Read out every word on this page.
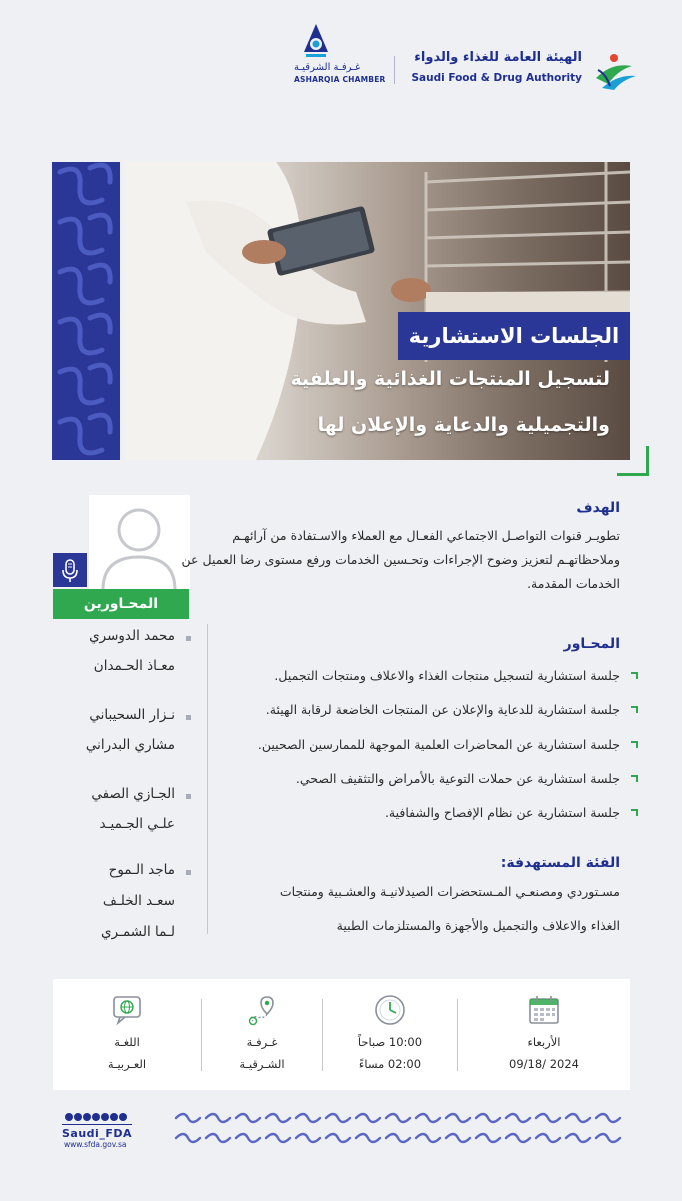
غـرفـة الشرقيـة
ASHARQIA CHAMBER
الهيئة العامة للغذاء والدواء
Saudi Food & Drug Authority
الجلسات الاستشارية
لتسجيل المنتجات الغذائية والعلفية
والتجميلية والدعاية والإعلان لها
المحـاورين
محمد الدوسري
معـاذ الحـمدان
نـزار السحيباني
مشاري البدراني
الجـازي الصفي
علـي الجـميـد
ماجد الـموح
سعـد الخلـف
لـما الشمـري
الهدف
تطويـر قنوات التواصـل الاجتماعي الفعـال مع العملاء والاسـتفادة من آرائهـم وملاحظاتهـم لتعزيز وضوح الإجراءات وتحـسين الخدمات ورفع مستوى رضا العميل عن الخدمات المقدمة.
المحـاور
جلسة استشارية لتسجيل منتجات الغذاء والاعلاف ومنتجات التجميل.
جلسة استشارية للدعاية والإعلان عن المنتجات الخاضعة لرقابة الهيئة.
جلسة استشارية عن المحاضرات العلمية الموجهة للممارسين الصحيين.
جلسة استشارية عن حملات التوعية بالأمراض والتثقيف الصحي.
جلسة استشارية عن نظام الإفصاح والشفافية.
الفئة المستهدفة:
مسـتوردي ومصنعـي المـستحضرات الصيدلانيـة والعشـبية ومنتجات
الغذاء والاعلاف والتجميل والأجهزة والمستلزمات الطبية
اللغـة
العـربيـة
غـرفـة
الشـرقيـة
10:00 صباحاً
02:00 مساءً
الأربعاء
2024 /09/18
Saudi_FDA
www.sfda.gov.sa
